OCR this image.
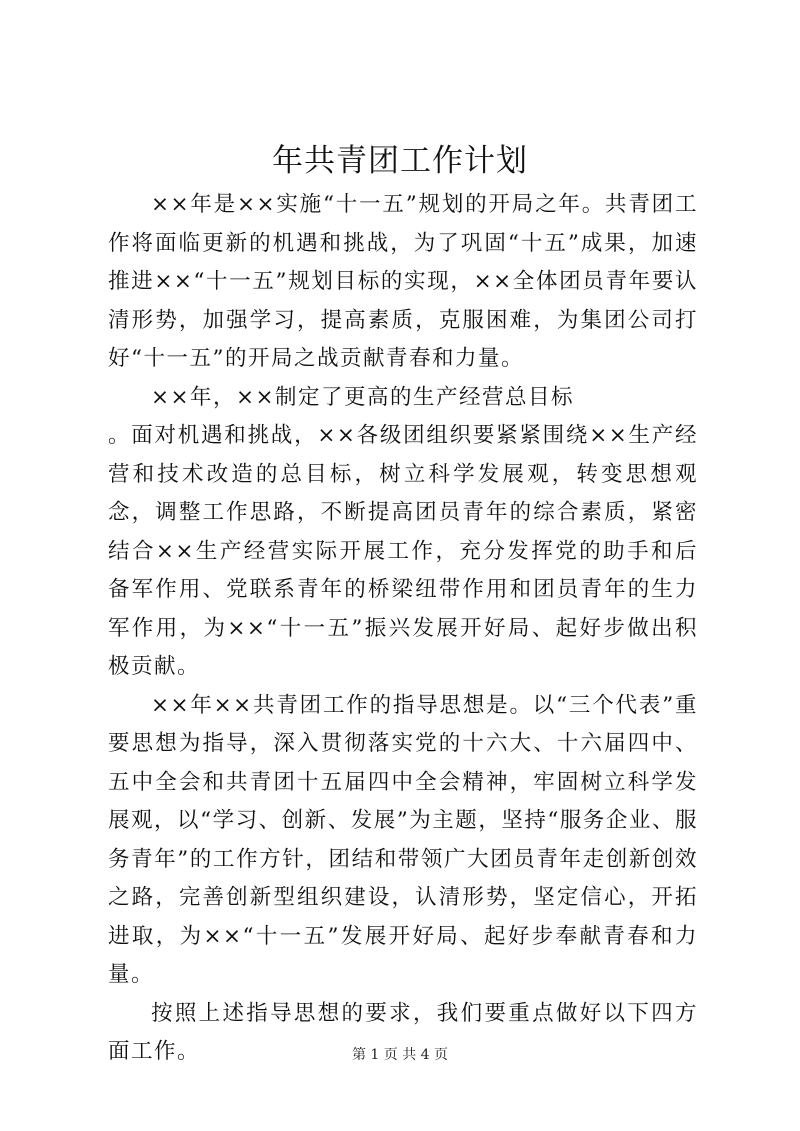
年共青团工作计划

××年是××实施“十一五”规划的开局之年。共青团工作将面临更新的机遇和挑战，为了巩固“十五”成果，加速推进××“十一五”规划目标的实现，××全体团员青年要认清形势，加强学习，提高素质，克服困难，为集团公司打好“十一五”的开局之战贡献青春和力量。

××年，××制定了更高的生产经营总目标

。面对机遇和挑战，××各级团组织要紧紧围绕××生产经营和技术改造的总目标，树立科学发展观，转变思想观念，调整工作思路，不断提高团员青年的综合素质，紧密结合××生产经营实际开展工作，充分发挥党的助手和后备军作用、党联系青年的桥梁纽带作用和团员青年的生力军作用，为××“十一五”振兴发展开好局、起好步做出积极贡献。

××年××共青团工作的指导思想是。以“三个代表”重要思想为指导，深入贯彻落实党的十六大、十六届四中、五中全会和共青团十五届四中全会精神，牢固树立科学发展观，以“学习、创新、发展”为主题，坚持“服务企业、服务青年”的工作方针，团结和带领广大团员青年走创新创效之路，完善创新型组织建设，认清形势，坚定信心，开拓进取，为××“十一五”发展开好局、起好步奉献青春和力量。

按照上述指导思想的要求，我们要重点做好以下四方面工作。	第 1 页 共 4 页
